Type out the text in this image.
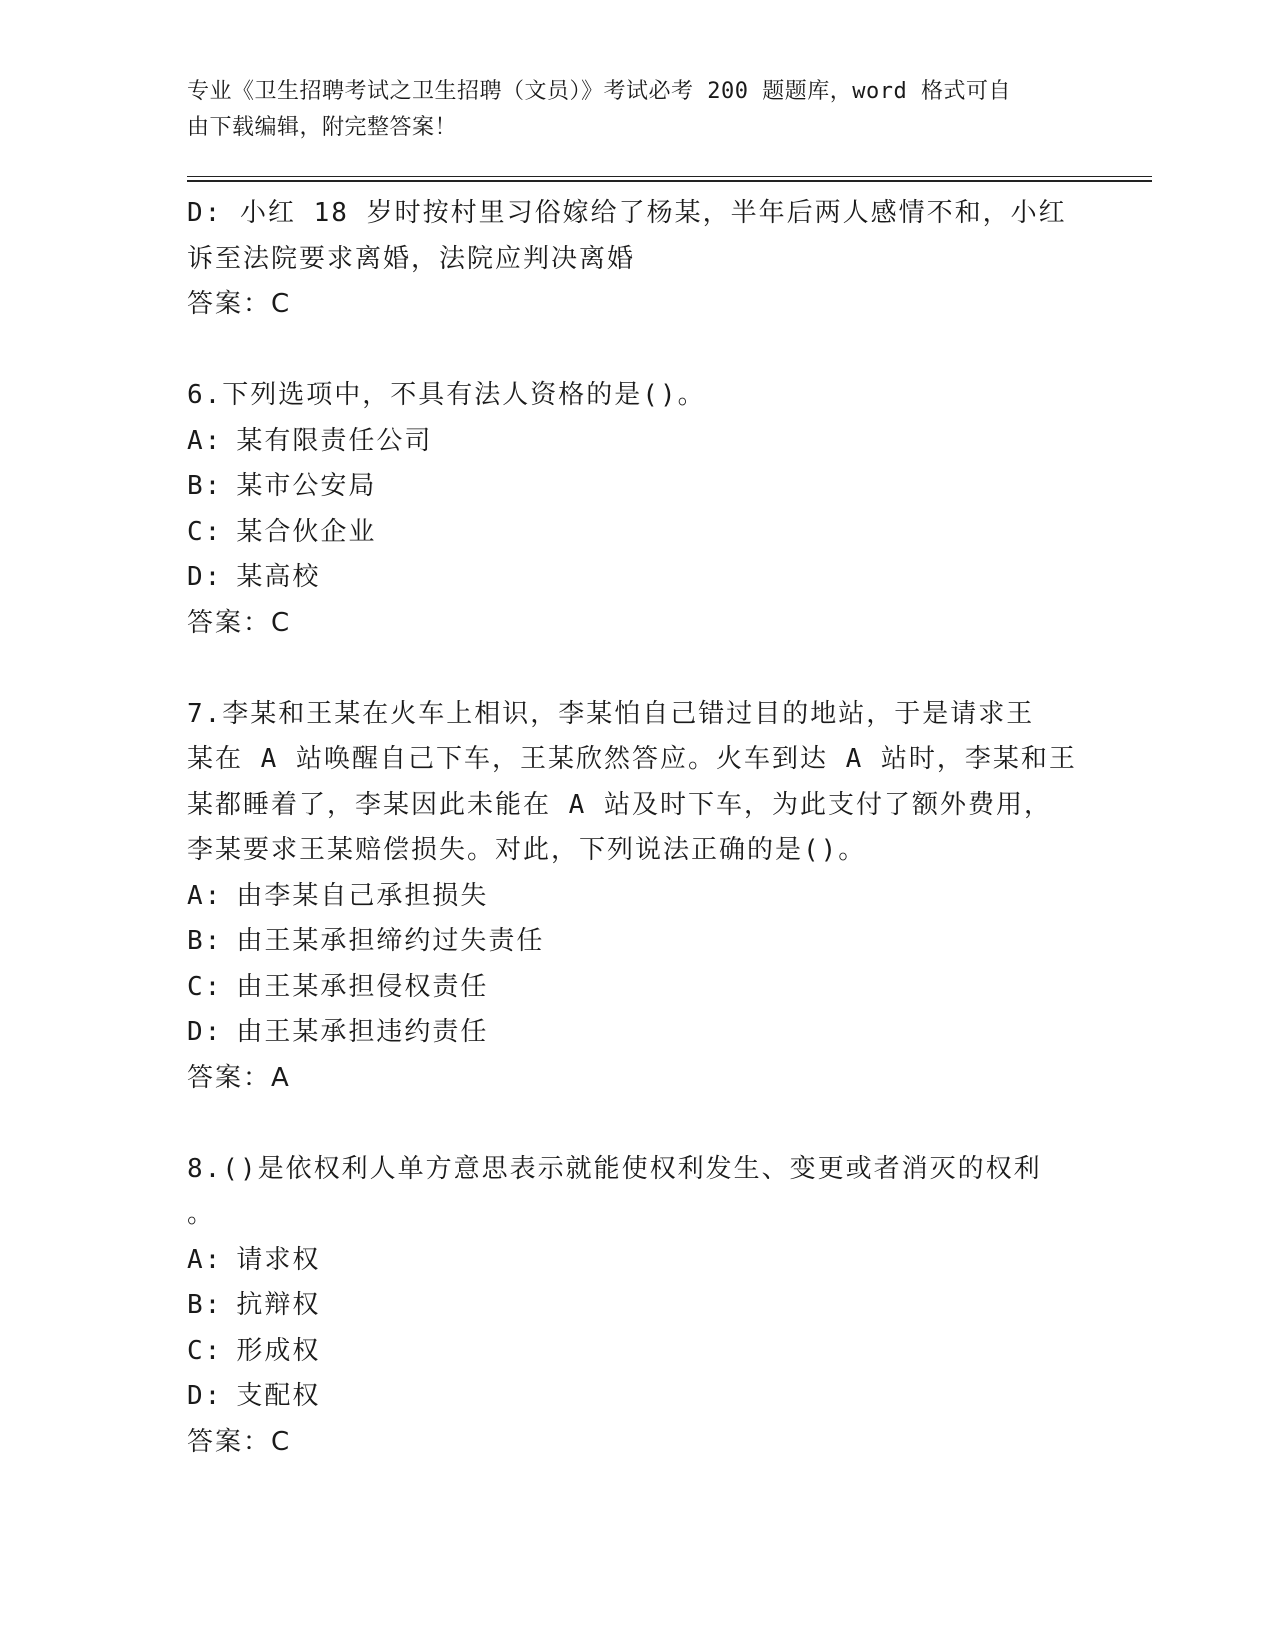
专业《卫生招聘考试之卫生招聘（文员）》考试必考 200 题题库，word 格式可自
由下载编辑，附完整答案！
D: 小红 18 岁时按村里习俗嫁给了杨某，半年后两人感情不和，小红
诉至法院要求离婚，法院应判决离婚
答案：C
6.下列选项中，不具有法人资格的是()。
A: 某有限责任公司
B: 某市公安局
C: 某合伙企业
D: 某高校
答案：C
7.李某和王某在火车上相识，李某怕自己错过目的地站，于是请求王
某在 A 站唤醒自己下车，王某欣然答应。火车到达 A 站时，李某和王
某都睡着了，李某因此未能在 A 站及时下车，为此支付了额外费用，
李某要求王某赔偿损失。对此，下列说法正确的是()。
A: 由李某自己承担损失
B: 由王某承担缔约过失责任
C: 由王某承担侵权责任
D: 由王某承担违约责任
答案：A
8.()是依权利人单方意思表示就能使权利发生、变更或者消灭的权利
。
A: 请求权
B: 抗辩权
C: 形成权
D: 支配权
答案：C
